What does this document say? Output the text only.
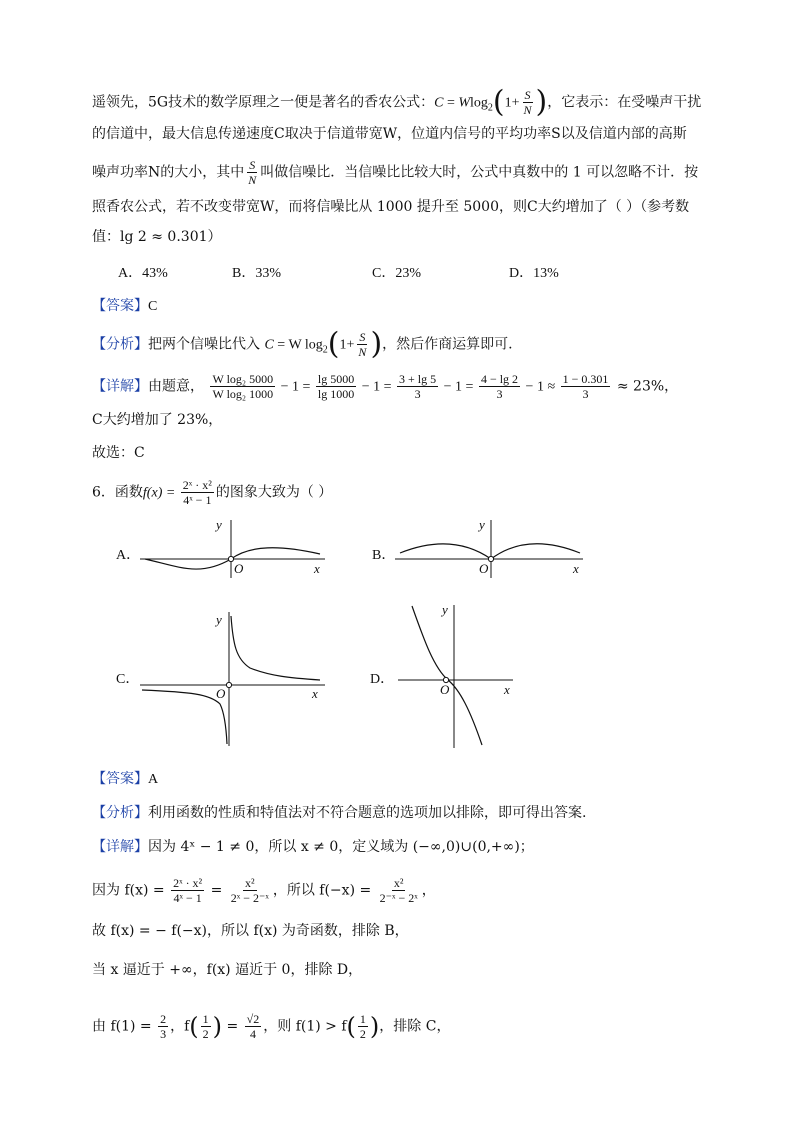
遥领先，5G技术的数学原理之一便是著名的香农公式：$C = Wlog_2(1+ \frac{S}{N}$ )，它表示：在受噪声干扰
的信道中，最大信息传递速度C取决于信道带宽W，位道内信号的平均功率S以及信道内部的高斯
噪声功率N的大小，其中 $\frac{S}{N}$ 叫做信噪比．当信噪比比较大时，公式中真数中的 1 可以忽略不计．按
照香农公式，若不改变带宽W，而将信噪比从 1000 提升至 5000，则C大约增加了（ ）（参考数
值：lg 2 ≈ 0.301）
A．43%	B．33%	C．23%	D．13%
【答案】C
【分析】把两个信噪比代入 C = W $\log_2(1+ \frac{S}{N}$ )，然后作商运算即可.
【详解】由题意， $\frac{\text{W log₂ 5000}}{\text{W log₂ 1000}} - 1 = \frac{\lg 5000}{\lg 1000} - 1 = \frac{3 + \lg 5}{3} - 1 = \frac{4 - \lg 2}{3} - 1 \approx \frac{1 - 0.301}{3} \approx 23\%$，
C大约增加了 23%，
故选：C
6．函数$f(x) = \frac{\text{2ˣ · x²}}{\text{4ˣ − 1}}$ 的图象大致为（ ）
A．
O	x
y
B．
O	x
y
C．
O	x
y
D．
O	x
y
【答案】A
【分析】利用函数的性质和特值法对不符合题意的选项加以排除，即可得出答案.
【详解】因为 4ˣ − 1 ≠ 0，所以 x ≠ 0，定义域为 (−∞,0)∪(0,+∞)；
因为 $f(x) = \frac{\text{2ˣ · x²}}{\text{4ˣ − 1}} = \frac{\text{x²}}{\text{2ˣ − 2⁻ˣ}}$ ，所以 $f(-x) = \frac{\text{x²}}{\text{2⁻ˣ − 2ˣ}}$ ，
故 f(x) = − f(−x)，所以 f(x) 为奇函数，排除 B，
当 x 逼近于 +∞，f(x) 逼近于 0，排除 D，
由 $f(1) = \frac{2}{3}$ ，$f( \frac{1}{2}$ ) = $\frac{√2}{4}$ ，则 $f(1) > f( \frac{1}{2}$ )，排除 C，
